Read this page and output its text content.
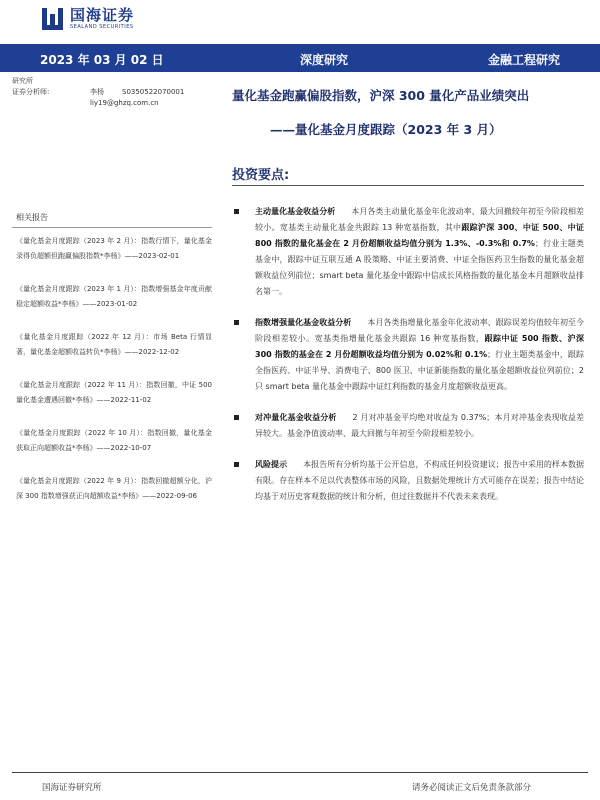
国海证券
SEALAND SECURITIES
2023 年 03 月 02 日	深度研究	金融工程研究
研究所
证券分析师:	李杨	S0350522070001
liy19@ghzq.com.cn	量化基金跑赢偏股指数，沪深 300 量化产品业绩突出
——量化基金月度跟踪（2023 年 3 月）
投资要点:
相关报告
《量化基金月度跟踪（2023 年 2 月）：指数行情下，量化基金录得负超额但跑赢偏股指数*李杨》——2023-02-01
《量化基金月度跟踪（2023 年 1 月）：指数增强基金年度贡献稳定超额收益*李杨》——2023-01-02
《量化基金月度跟踪（2022 年 12 月）：市场 Beta 行情显著，量化基金超额收益转负*李杨》——2022-12-02
《量化基金月度跟踪（2022 年 11 月）：指数回撤，中证 500 量化基金遭遇回撤*李杨》——2022-11-02
《量化基金月度跟踪（2022 年 10 月）：指数回撤，量化基金获取正向超额收益*李杨》——2022-10-07
《量化基金月度跟踪（2022 年 9 月）：指数回撤超额分化，沪深 300 指数增强获正向超额收益*李杨》——2022-09-06
主动量化基金收益分析   本月各类主动量化基金年化波动率、最大回撤较年初至今阶段相差较小。宽基类主动量化基金共跟踪 13 种宽基指数，其中跟踪沪深 300、中证 500、中证 800 指数的量化基金在 2 月份超额收益均值分别为 1.3%、-0.3%和 0.7%；行业主题类基金中，跟踪中证互联互通 A 股策略、中证主要消费、中证全指医药卫生指数的量化基金超额收益位列前位；smart beta 量化基金中跟踪中信成长风格指数的量化基金本月超额收益排名第一。
指数增强量化基金收益分析   本月各类指增量化基金年化波动率、跟踪误差均值较年初至今阶段相差较小。宽基类指增量化基金共跟踪 16 种宽基指数，跟踪中证 500 指数、沪深 300 指数的基金在 2 月份超额收益均值分别为 0.02%和 0.1%；行业主题类基金中，跟踪全指医药、中证半导、消费电子、800 医卫、中证新能指数的量化基金超额收益位列前位；2 只 smart beta 量化基金中跟踪中证红利指数的基金月度超额收益更高。
对冲量化基金收益分析   2 月对冲基金平均绝对收益为 0.37%；本月对冲基金表现收益差异较大。基金净值波动率、最大回撤与年初至今阶段相差较小。
风险提示   本报告所有分析均基于公开信息，不构成任何投资建议；报告中采用的样本数据有限。存在样本不足以代表整体市场的风险，且数据处理统计方式可能存在误差；报告中结论均基于对历史客观数据的统计和分析，但过往数据并不代表未来表现。
国海证券研究所	请务必阅读正文后免责条款部分
